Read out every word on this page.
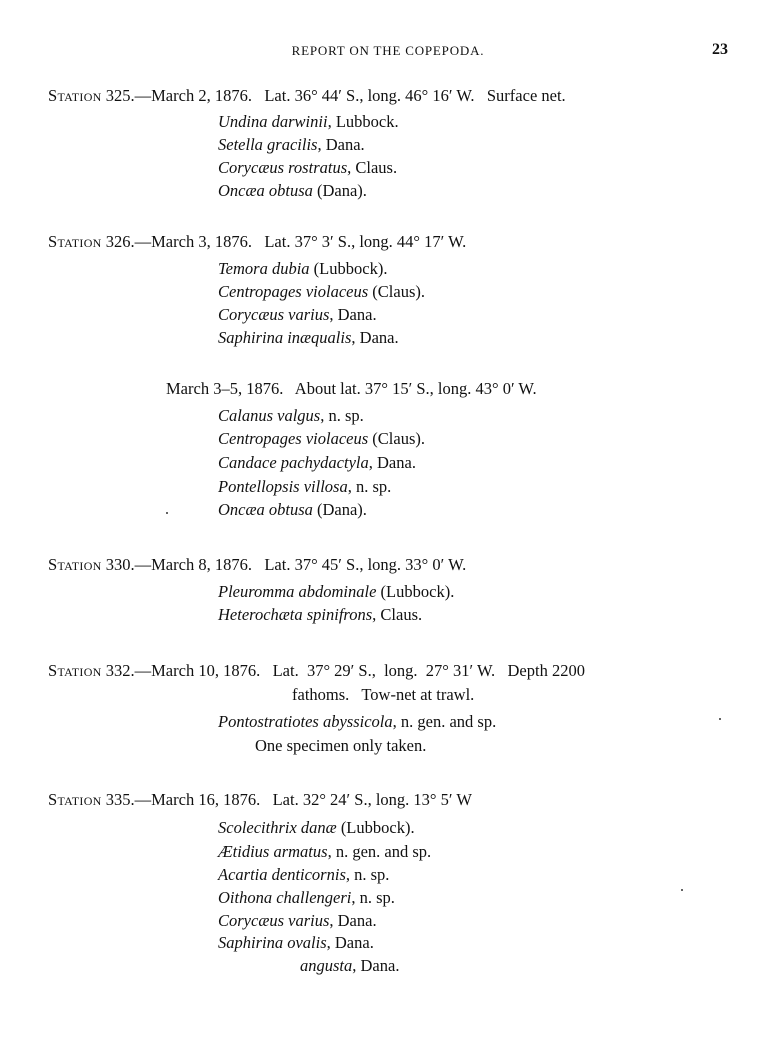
REPORT ON THE COPEPODA.	23
Station 325.—March 2, 1876.   Lat. 36° 44′ S., long. 46° 16′ W.   Surface net.
Undina darwinii, Lubbock.
Setella gracilis, Dana.
Corycæus rostratus, Claus.
Oncæa obtusa (Dana).
Station 326.—March 3, 1876.   Lat. 37° 3′ S., long. 44° 17′ W.
Temora dubia (Lubbock).
Centropages violaceus (Claus).
Corycæus varius, Dana.
Saphirina inæqualis, Dana.
March 3–5, 1876.   About lat. 37° 15′ S., long. 43° 0′ W.
Calanus valgus, n. sp.
Centropages violaceus (Claus).
Candace pachydactyla, Dana.
Pontellopsis villosa, n. sp.
Oncæa obtusa (Dana).
Station 330.—March 8, 1876.   Lat. 37° 45′ S., long. 33° 0′ W.
Pleuromma abdominale (Lubbock).
Heterochæta spinifrons, Claus.
Station 332.—March 10, 1876.   Lat.  37° 29′ S.,  long.  27° 31′ W.   Depth 2200
fathoms.   Tow-net at trawl.
Pontostratiotes abyssicola, n. gen. and sp.
One specimen only taken.
Station 335.—March 16, 1876.   Lat. 32° 24′ S., long. 13° 5′ W
Scolecithrix danæ (Lubbock).
Ætidius armatus, n. gen. and sp.
Acartia denticornis, n. sp.
Oithona challengeri, n. sp.
Corycæus varius, Dana.
Saphirina ovalis, Dana.
angusta, Dana.
